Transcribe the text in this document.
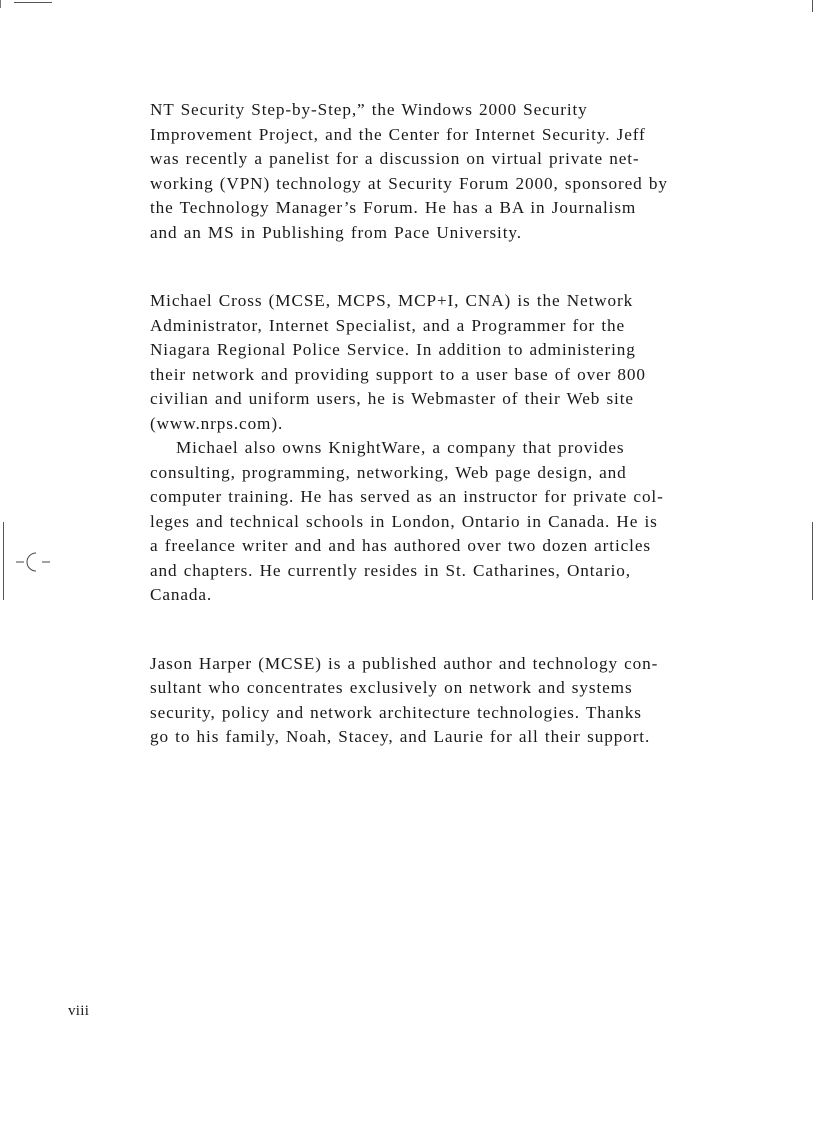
NT Security Step-by-Step,” the Windows 2000 Security

Improvement Project, and the Center for Internet Security. Jeff

was recently a panelist for a discussion on virtual private net-

working (VPN) technology at Security Forum 2000, sponsored by

the Technology Manager’s Forum. He has a BA in Journalism

and an MS in Publishing from Pace University.

Michael Cross (MCSE, MCPS, MCP+I, CNA) is the Network

Administrator, Internet Specialist, and a Programmer for the

Niagara Regional Police Service. In addition to administering

their network and providing support to a user base of over 800

civilian and uniform users, he is Webmaster of their Web site

(www.nrps.com).

Michael also owns KnightWare, a company that provides

consulting, programming, networking, Web page design, and

computer training. He has served as an instructor for private col-

leges and technical schools in London, Ontario in Canada. He is

a freelance writer and and has authored over two dozen articles

and chapters. He currently resides in St. Catharines, Ontario,

Canada.

Jason Harper (MCSE) is a published author and technology con-

sultant who concentrates exclusively on network and systems

security, policy and network architecture technologies. Thanks

go to his family, Noah, Stacey, and Laurie for all their support.

viii
